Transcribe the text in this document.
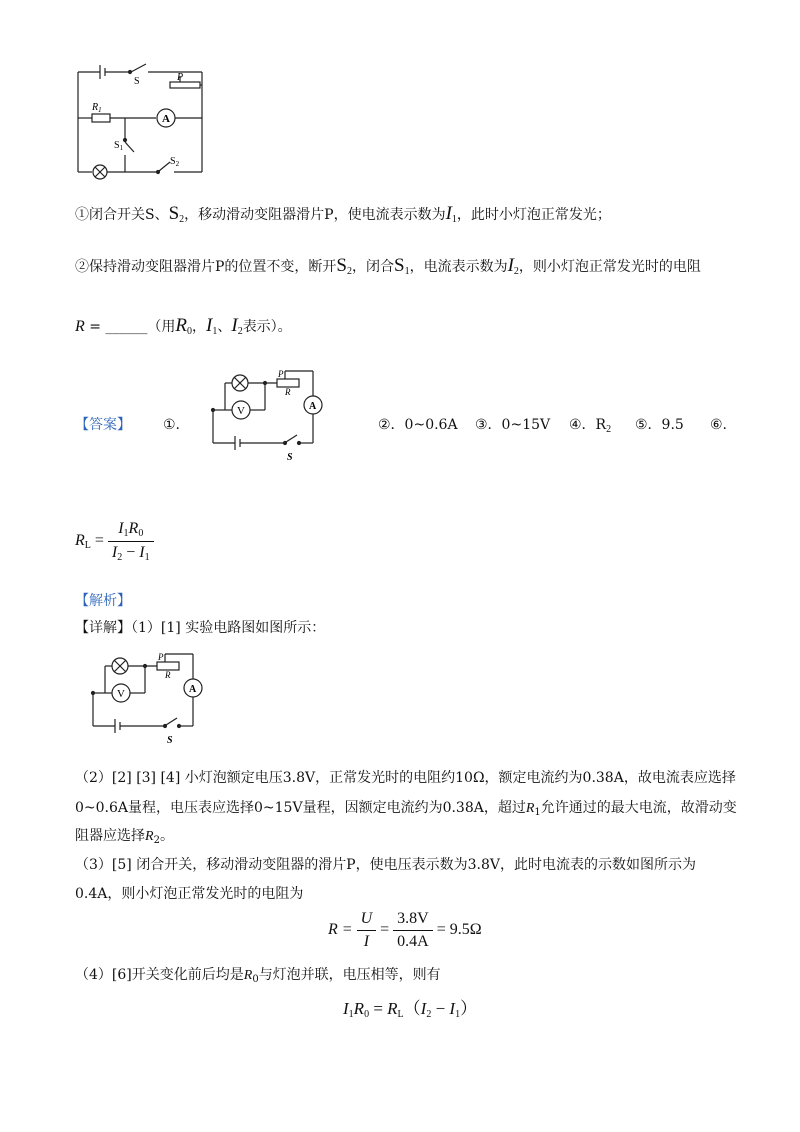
S	P
$R_1$
A
$S_1$
$S_2$
①闭合开关S、$S_2$，移动滑动变阻器滑片P，使电流表示数为$I_1$，此时小灯泡正常发光；
②保持滑动变阻器滑片P的位置不变，断开$S_2$，闭合$S_1$，电流表示数为$I_2$，则小灯泡正常发光时的电阻
R = ______（用$R_0$，$I_1$、$I_2$表示）。
【答案】 ①.
P
R
V	A
S
②．0~0.6A ③．0~15V ④．$R_2$ ⑤．9.5 ⑥.
$R_L = \frac{I_1R_0}{I_2 - I_1}$
【解析】
【详解】（1）[1] 实验电路图如图所示：
P
R
V	A
S
（2）[2] [3] [4] 小灯泡额定电压3.8V，正常发光时的电阻约10Ω，额定电流约为0.38A，故电流表应选择
0~0.6A量程，电压表应选择0~15V量程，因额定电流约为0.38A，超过$R_1$允许通过的最大电流，故滑动变
阻器应选择$R_2$。
（3）[5] 闭合开关，移动滑动变阻器的滑片P，使电压表示数为3.8V，此时电流表的示数如图所示为
0.4A，则小灯泡正常发光时的电阻为
$R = \frac{U}{I} = \frac{3.8V}{0.4A} = 9.5\Omega$
（4）[6]开关变化前后均是$R_0$与灯泡并联，电压相等，则有
$I_1R_0 = R_L(I_2 - I_1)$
